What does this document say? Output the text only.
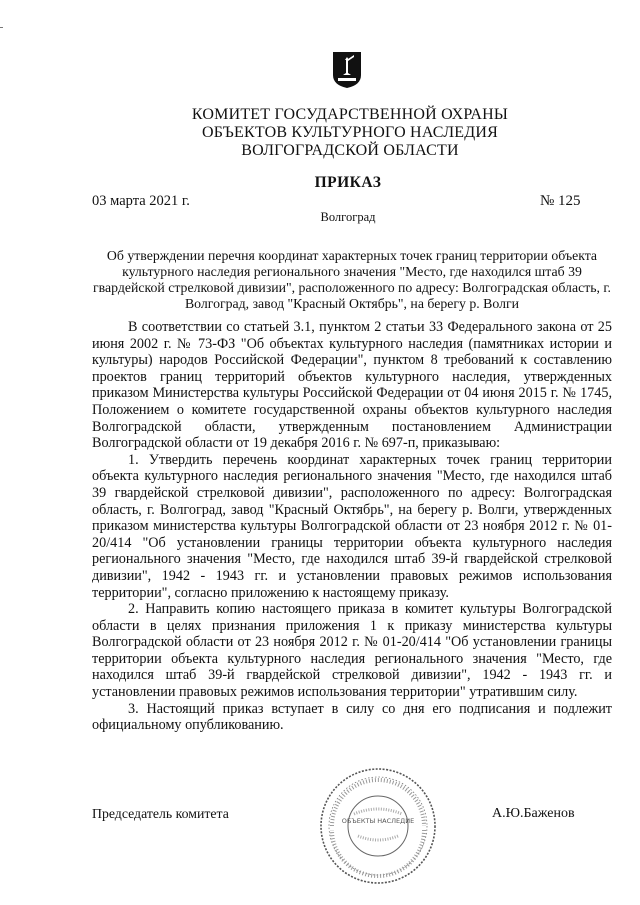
КОМИТЕТ ГОСУДАРСТВЕННОЙ ОХРАНЫ
ОБЪЕКТОВ КУЛЬТУРНОГО НАСЛЕДИЯ
ВОЛГОГРАДСКОЙ ОБЛАСТИ
ПРИКАЗ
03 марта 2021 г.	№ 125
Волгоград
Об утверждении перечня координат характерных точек границ территории объекта культурного наследия регионального значения "Место, где находился штаб 39 гвардейской стрелковой дивизии", расположенного по адресу: Волгоградская область, г. Волгоград, завод "Красный Октябрь", на берегу р. Волги

В соответствии со статьей 3.1, пунктом 2 статьи 33 Федерального закона от 25 июня 2002 г. № 73-ФЗ "Об объектах культурного наследия (памятниках истории и культуры) народов Российской Федерации", пунктом 8 требований к составлению проектов границ территорий объектов культурного наследия, утвержденных приказом Министерства культуры Российской Федерации от 04 июня 2015 г. № 1745, Положением о комитете государственной охраны объектов культурного наследия Волгоградской области, утвержденным постановлением Администрации Волгоградской области от 19 декабря 2016 г. № 697-п, приказываю:

1. Утвердить перечень координат характерных точек границ территории объекта культурного наследия регионального значения "Место, где находился штаб 39 гвардейской стрелковой дивизии", расположенного по адресу: Волгоградская область, г. Волгоград, завод "Красный Октябрь", на берегу р. Волги, утвержденных приказом министерства культуры Волгоградской области от 23 ноября 2012 г. № 01-20/414 "Об установлении границы территории объекта культурного наследия регионального значения "Место, где находился штаб 39-й гвардейской стрелковой дивизии", 1942 - 1943 гг. и установлении правовых режимов использования территории", согласно приложению к настоящему приказу.

2. Направить копию настоящего приказа в комитет культуры Волгоградской области в целях признания приложения 1 к приказу министерства культуры Волгоградской области от 23 ноября 2012 г. № 01-20/414 "Об установлении границы территории объекта культурного наследия регионального значения "Место, где находился штаб 39-й гвардейской стрелковой дивизии", 1942 - 1943 гг. и установлении правовых режимов использования территории" утратившим силу.

3. Настоящий приказ вступает в силу со дня его подписания и подлежит официальному опубликованию.

Председатель комитета	ОБЪЕКТЫ НАСЛЕДИЕ	А.Ю.Баженов
